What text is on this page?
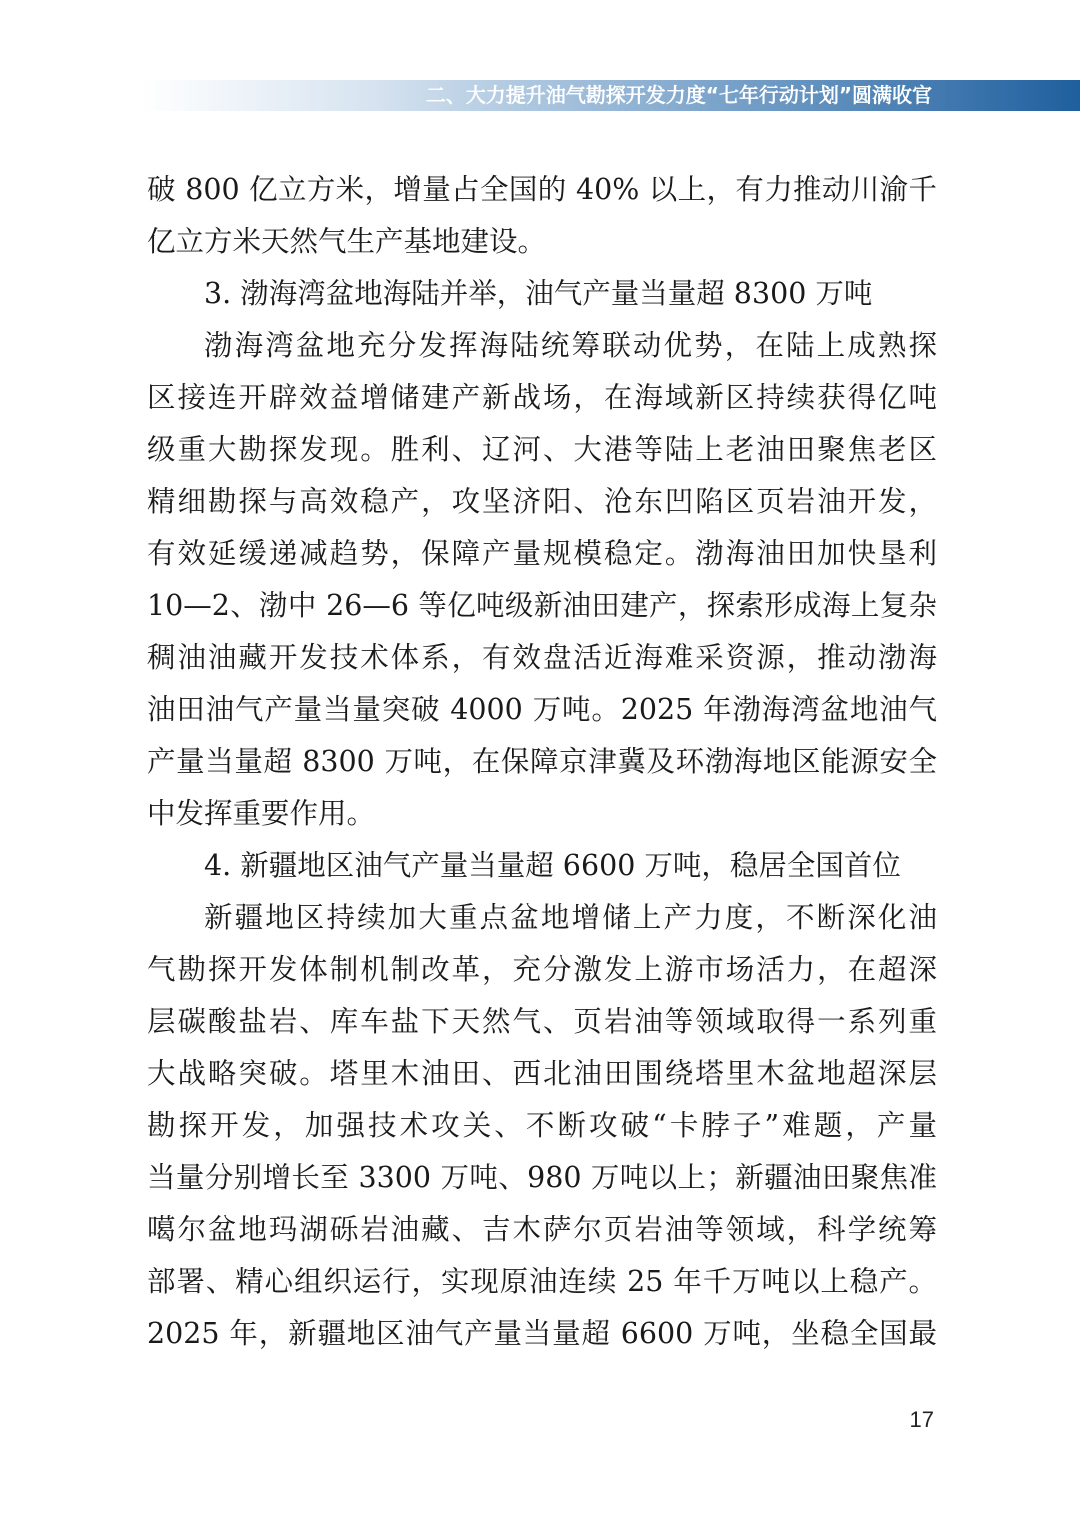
二、大力提升油气勘探开发力度“七年行动计划”圆满收官
破 800 亿立方米，增量占全国的 40% 以上，有力推动川渝千
亿立方米天然气生产基地建设。
3. 渤海湾盆地海陆并举，油气产量当量超 8300 万吨
渤海湾盆地充分发挥海陆统筹联动优势，在陆上成熟探
区接连开辟效益增储建产新战场，在海域新区持续获得亿吨
级重大勘探发现。胜利、辽河、大港等陆上老油田聚焦老区
精细勘探与高效稳产，攻坚济阳、沧东凹陷区页岩油开发，
有效延缓递减趋势，保障产量规模稳定。渤海油田加快垦利
10—2、渤中 26—6 等亿吨级新油田建产，探索形成海上复杂
稠油油藏开发技术体系，有效盘活近海难采资源，推动渤海
油田油气产量当量突破 4000 万吨。2025 年渤海湾盆地油气
产量当量超 8300 万吨，在保障京津冀及环渤海地区能源安全
中发挥重要作用。
4. 新疆地区油气产量当量超 6600 万吨，稳居全国首位
新疆地区持续加大重点盆地增储上产力度，不断深化油
气勘探开发体制机制改革，充分激发上游市场活力，在超深
层碳酸盐岩、库车盐下天然气、页岩油等领域取得一系列重
大战略突破。塔里木油田、西北油田围绕塔里木盆地超深层
勘探开发，加强技术攻关、不断攻破“卡脖子”难题，产量
当量分别增长至 3300 万吨、980 万吨以上；新疆油田聚焦准
噶尔盆地玛湖砾岩油藏、吉木萨尔页岩油等领域，科学统筹
部署、精心组织运行，实现原油连续 25 年千万吨以上稳产。
2025 年，新疆地区油气产量当量超 6600 万吨，坐稳全国最
17
